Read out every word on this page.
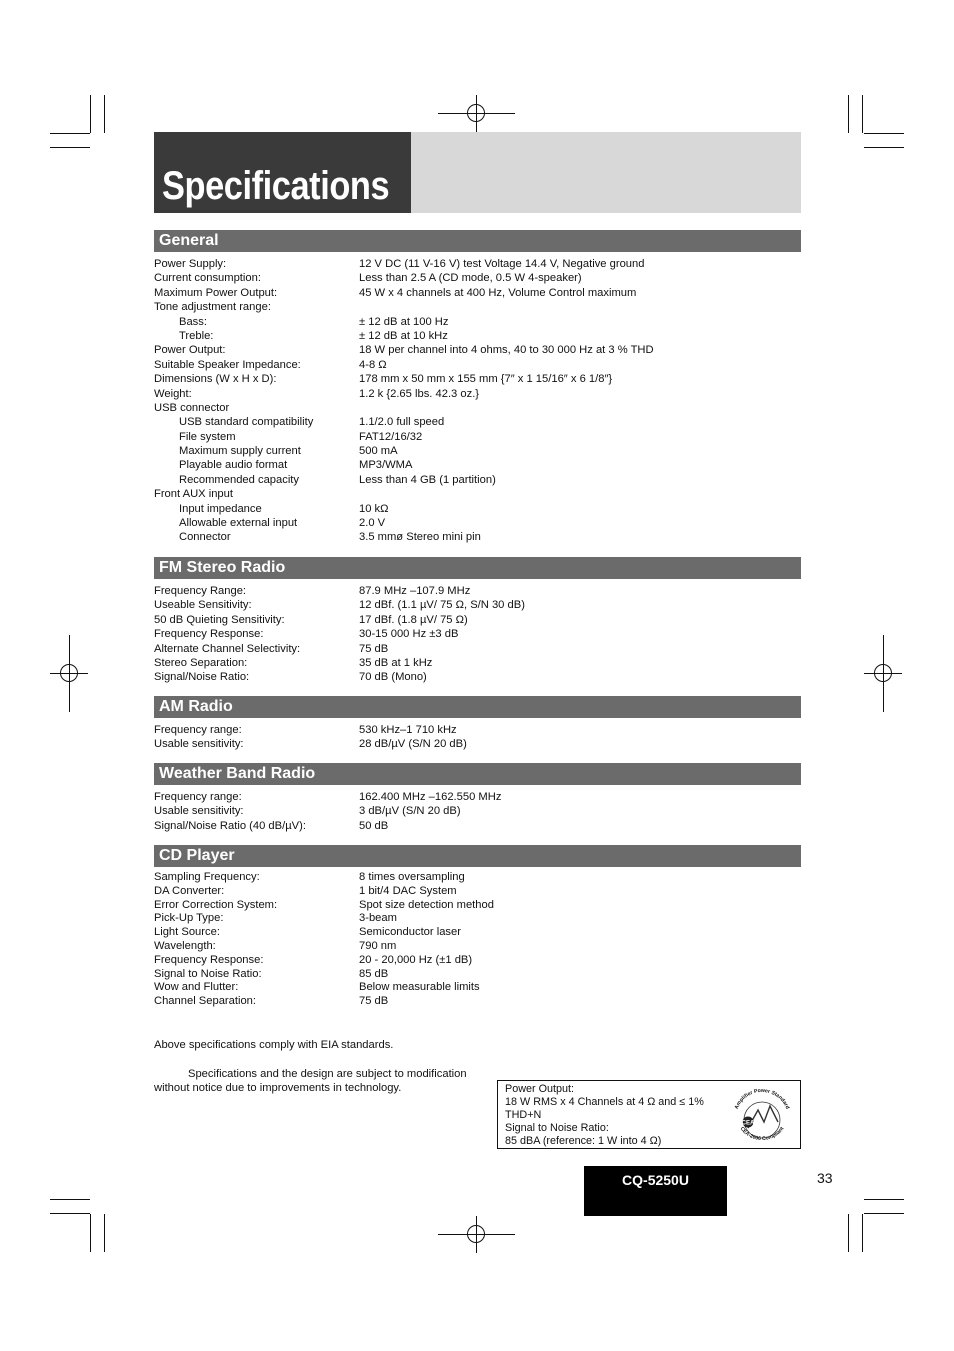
Specifications
General
Power Supply:	12 V DC (11 V-16 V) test Voltage 14.4 V, Negative ground
Current consumption:	Less than 2.5 A (CD mode, 0.5 W 4-speaker)
Maximum Power Output:	45 W x 4 channels at 400 Hz, Volume Control maximum
Tone adjustment range:
Bass:	± 12 dB at 100 Hz
Treble:	± 12 dB at 10 kHz
Power Output:	18 W per channel into 4 ohms, 40 to 30 000 Hz at 3 % THD
Suitable Speaker Impedance:	4-8 Ω
Dimensions (W x H x D):	178 mm x 50 mm x 155 mm {7″ x 1 15/16″ x 6 1/8″}
Weight:	1.2 k {2.65 lbs. 42.3 oz.}
USB connector
USB standard compatibility	1.1/2.0 full speed
File system	FAT12/16/32
Maximum supply current	500 mA
Playable audio format	MP3/WMA
Recommended capacity	Less than 4 GB (1 partition)
Front AUX input
Input impedance	10 kΩ
Allowable external input	2.0 V
Connector	3.5 mmø Stereo mini pin
FM Stereo Radio
Frequency Range:	87.9 MHz –107.9 MHz
Useable Sensitivity:	12 dBf. (1.1 µV/ 75 Ω, S/N 30 dB)
50 dB Quieting Sensitivity:	17 dBf. (1.8 µV/ 75 Ω)
Frequency Response:	30-15 000 Hz ±3 dB
Alternate Channel Selectivity:	75 dB
Stereo Separation:	35 dB at 1 kHz
Signal/Noise Ratio:	70 dB (Mono)
AM Radio
Frequency range:	530 kHz–1 710 kHz
Usable sensitivity:	28 dB/µV (S/N 20 dB)
Weather Band Radio
Frequency range:	162.400 MHz –162.550 MHz
Usable sensitivity:	3 dB/µV (S/N 20 dB)
Signal/Noise Ratio (40 dB/µV):	50 dB
CD Player
Sampling Frequency:	8 times oversampling
DA Converter:	1 bit/4 DAC System
Error Correction System:	Spot size detection method
Pick-Up Type:	3-beam
Light Source:	Semiconductor laser
Wavelength:	790 nm
Frequency Response:	20 - 20,000 Hz (±1 dB)
Signal to Noise Ratio:	85 dB
Wow and Flutter:	Below measurable limits
Channel Separation:	75 dB
Above specifications comply with EIA standards.
Specifications and the design are subject to modification
without notice due to improvements in technology.	Power Output:
18 W RMS x 4 Channels at 4 Ω and ≤ 1%
THD+N
Signal to Noise Ratio:
85 dBA (reference: 1 W into 4 Ω)
CEA
Amplifier Power Standard
CEA-2006 Compliant
CQ-5250U	33
